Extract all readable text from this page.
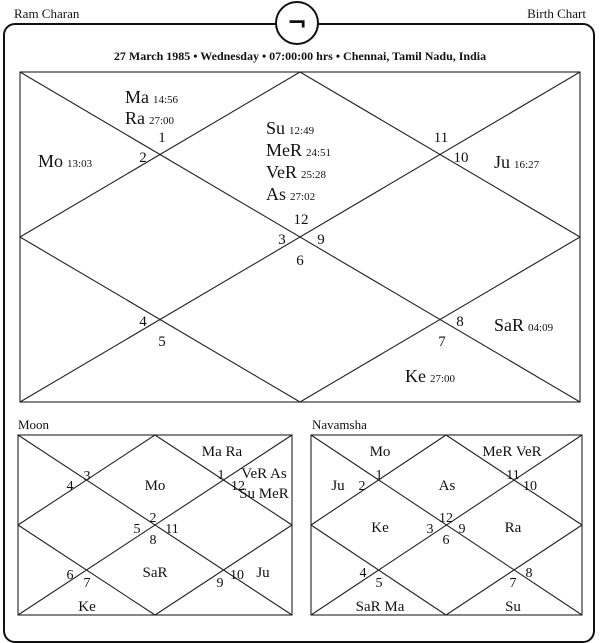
Ram Charan	Birth Chart
¬
27 March 1985 • Wednesday • 07:00:00 hrs • Chennai, Tamil Nadu, India
Moon	Navamsha
Su 12:49
MeR 24:51
VeR 25:28
As 27:02
12
11
10 Ju 16:27
9
8 SaR 04:09
7
Ke 27:00
6
5
4
3
2
Mo 13:03
Ma 14:56
Ra 27:00
1
Mo
2
3
4
5
6
7
Ke
8
SaR
9
10 Ju
11
12
VeR As
Su MeR
1
Ma Ra
As
12
MeR VeR
11
10
9	Ra
8
7
Su
6
5
SaR Ma
4
3
Ke
2
Ju
1
Mo
